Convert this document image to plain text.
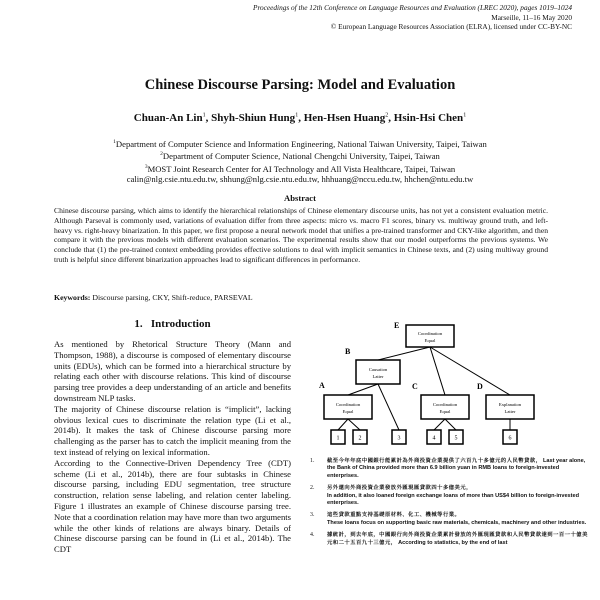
Proceedings of the 12th Conference on Language Resources and Evaluation (LREC 2020), pages 1019–1024
Marseille, 11–16 May 2020
© European Language Resources Association (ELRA), licensed under CC-BY-NC
Chinese Discourse Parsing: Model and Evaluation
Chuan-An Lin$^1$, Shyh-Shiun Hung$^1$, Hen-Hsen Huang$^2$, Hsin-Hsi Chen$^1$
$^1$Department of Computer Science and Information Engineering, National Taiwan University, Taipei, Taiwan
$^2$Department of Computer Science, National Chengchi University, Taipei, Taiwan
$^3$MOST Joint Research Center for AI Technology and All Vista Healthcare, Taipei, Taiwan
calin@nlg.csie.ntu.edu.tw, shhung@nlg.csie.ntu.edu.tw, hhhuang@nccu.edu.tw, hhchen@ntu.edu.tw
Abstract
Chinese discourse parsing, which aims to identify the hierarchical relationships of Chinese elementary discourse units, has not yet a consistent evaluation metric. Although Parseval is commonly used, variations of evaluation differ from three aspects: micro vs. macro F1 scores, binary vs. multiway ground truth, and left-heavy vs. right-heavy binarization. In this paper, we first propose a neural network model that unifies a pre-trained transformer and CKY-like algorithm, and then compare it with the previous models with different evaluation scenarios. The experimental results show that our model outperforms the previous systems. We conclude that (1) the pre-trained context embedding provides effective solutions to deal with implicit semantics in Chinese texts, and (2) using multiway ground truth is helpful since different binarization approaches lead to significant differences in performance.
Keywords: Discourse parsing, CKY, Shift-reduce, PARSEVAL
1. Introduction

As mentioned by Rhetorical Structure Theory (Mann and Thompson, 1988), a discourse is composed of elementary discourse units (EDUs), which can be formed into a hierarchical structure by relating each other with discourse relations. This kind of discourse parsing tree provides a deep understanding of an article and benefits downstream NLP tasks.

The majority of Chinese discourse relation is “implicit”, lacking obvious lexical cues to discriminate the relation type (Li et al., 2014b). It makes the task of Chinese discourse parsing more challenging as the parser has to catch the implicit meaning from the text instead of relying on lexical information.

According to the Connective-Driven Dependency Tree (CDT) scheme (Li et al., 2014b), there are four subtasks in Chinese discourse parsing, including EDU segmentation, tree structure construction, relation sense labeling, and relation center labeling. Figure 1 illustrates an example of Chinese discourse parsing tree. Note that a coordination relation may have more than two arguments while the other kinds of relations are always binary. Details of Chinese discourse parsing can be found in (Li et al., 2014b). The CDT

Coordination
Equal
Causation
Latter
Coordination
Equal
Coordination
Equal
Explanation
Latter
E
B
A	C	D
1	2	3	4	5	6
1. 截至今年年底中國銀行能累計為外商投資企業提供了六百九十多億元的人民幣貸款， Last year alone, the Bank of China provided more than 6.9 billion yuan in RMB loans to foreign-invested enterprises.
2. 另外還向外商投資企業發放外匯現匯貸款四十多億美元，
In addition, it also loaned foreign exchange loans of more than US$4 billion to foreign-invested enterprises.
3. 這些貸款重點支持基礎原材料、化工、機械等行業。
These loans focus on supporting basic raw materials, chemicals, machinery and other industries.
4. 據統計，到去年底，中國銀行向外商投資企業累計發放的外匯現匯貸款和人民幣貸款達到一百一十億美元和二十五百九十三億元， According to statistics, by the end of last
